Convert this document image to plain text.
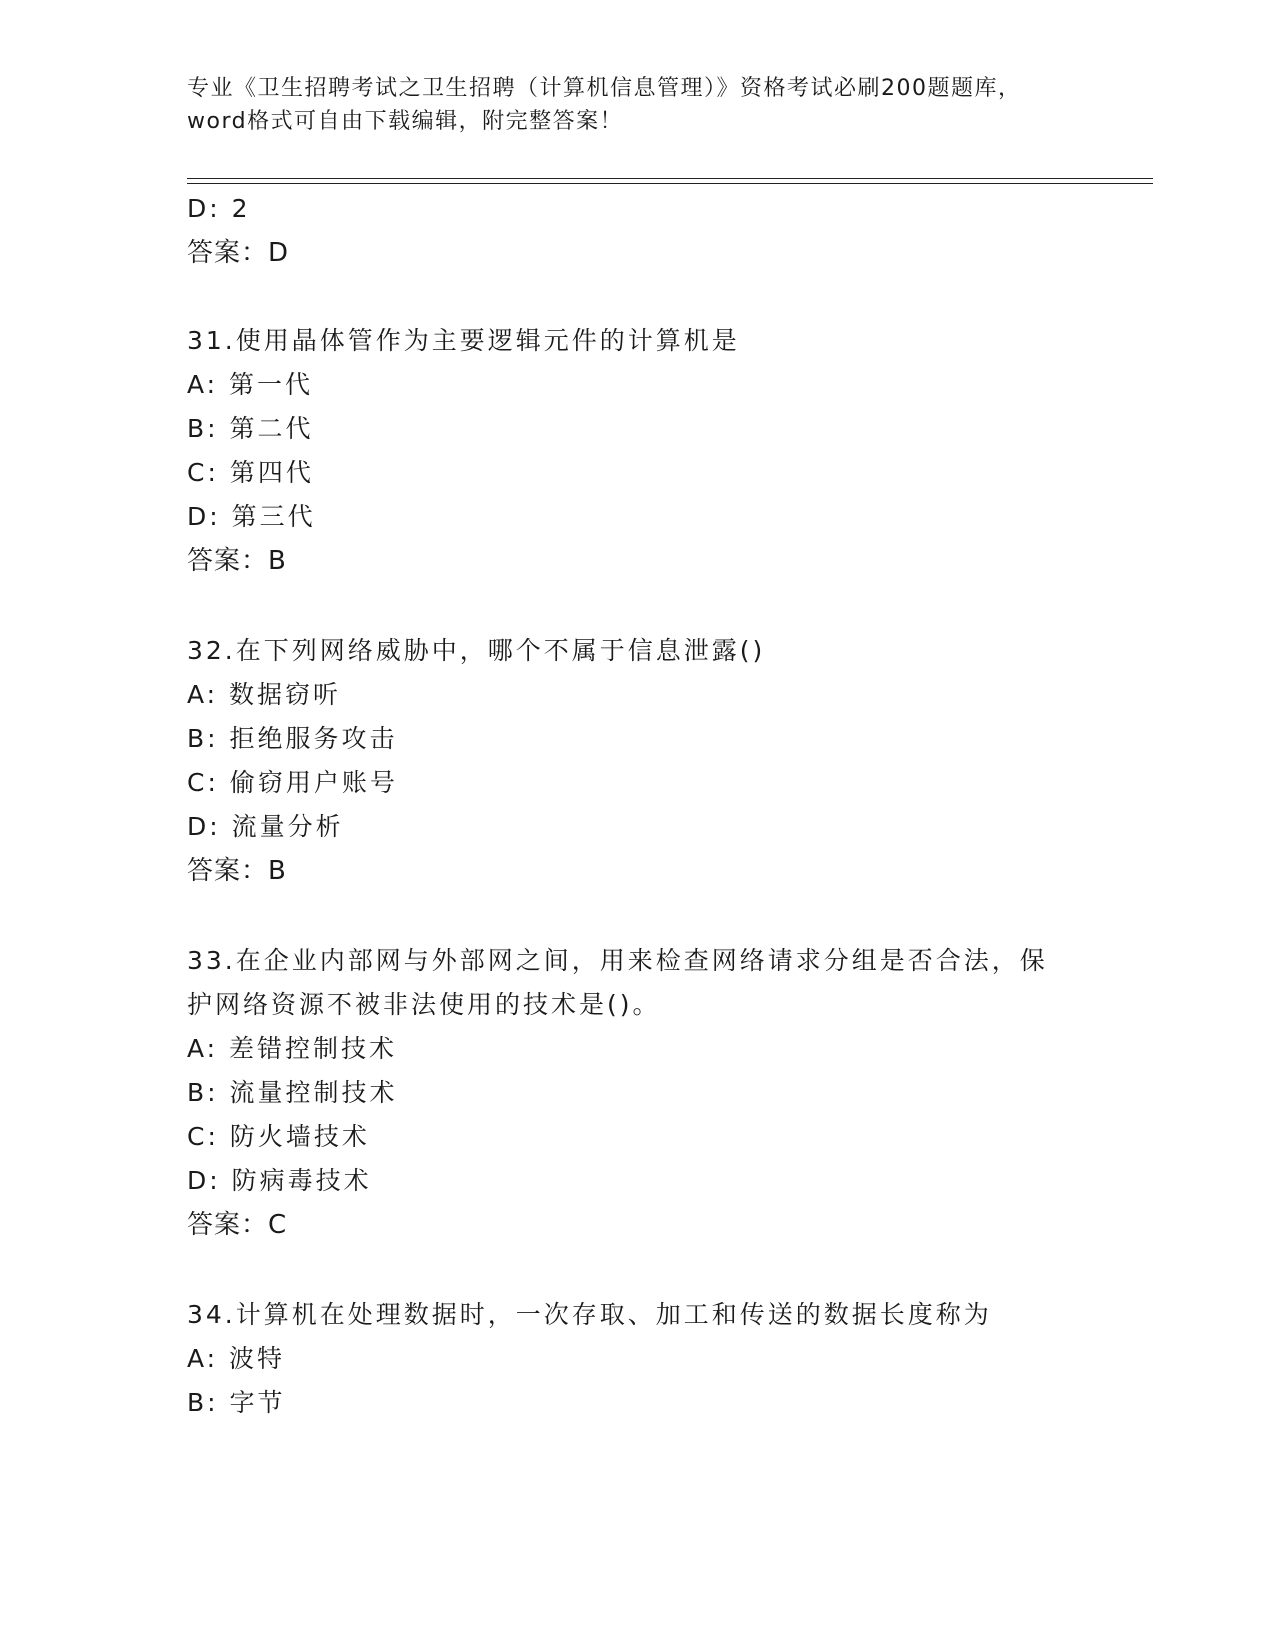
专业《卫生招聘考试之卫生招聘（计算机信息管理）》资格考试必刷200题题库，
word格式可自由下载编辑，附完整答案！
D: 2
答案：D
31.使用晶体管作为主要逻辑元件的计算机是
A: 第一代
B: 第二代
C: 第四代
D: 第三代
答案：B
32.在下列网络威胁中，哪个不属于信息泄露()
A: 数据窃听
B: 拒绝服务攻击
C: 偷窃用户账号
D: 流量分析
答案：B
33.在企业内部网与外部网之间，用来检查网络请求分组是否合法，保
护网络资源不被非法使用的技术是()。
A: 差错控制技术
B: 流量控制技术
C: 防火墙技术
D: 防病毒技术
答案：C
34.计算机在处理数据时，一次存取、加工和传送的数据长度称为
A: 波特
B: 字节
